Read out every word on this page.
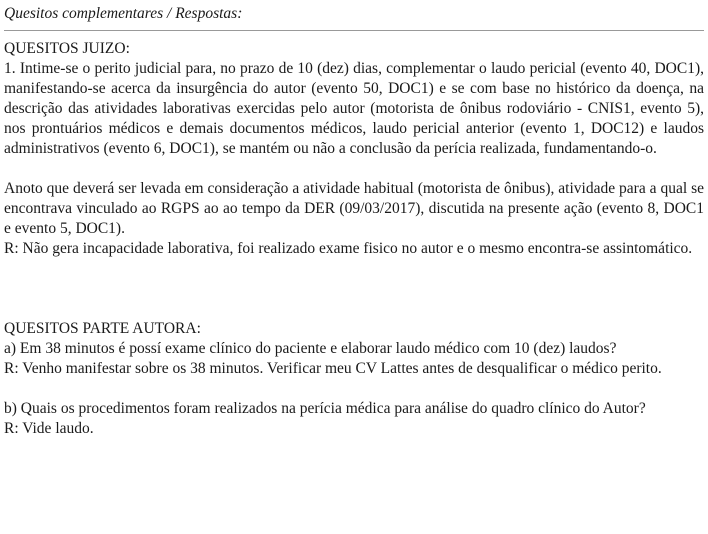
Quesitos complementares / Respostas:
QUESITOS JUIZO:
1. Intime-se o perito judicial para, no prazo de 10 (dez) dias, complementar o laudo pericial (evento 40, DOC1), manifestando-se acerca da insurgência do autor (evento 50, DOC1) e se com base no histórico da doença, na descrição das atividades laborativas exercidas pelo autor (motorista de ônibus rodoviário - CNIS1, evento 5), nos prontuários médicos e demais documentos médicos, laudo pericial anterior (evento 1, DOC12) e laudos administrativos (evento 6, DOC1), se mantém ou não a conclusão da perícia realizada, fundamentando-o.
Anoto que deverá ser levada em consideração a atividade habitual (motorista de ônibus), atividade para a qual se encontrava vinculado ao RGPS ao ao tempo da DER (09/03/2017), discutida na presente ação (evento 8, DOC1 e evento 5, DOC1).
R: Não gera incapacidade laborativa, foi realizado exame fisico no autor e o mesmo encontra-se assintomático.
QUESITOS PARTE AUTORA:
a) Em 38 minutos é possí exame clínico do paciente e elaborar laudo médico com 10 (dez) laudos?
R: Venho manifestar sobre os 38 minutos. Verificar meu CV Lattes antes de desqualificar o médico perito.
b) Quais os procedimentos foram realizados na perícia médica para análise do quadro clínico do Autor?
R: Vide laudo.
